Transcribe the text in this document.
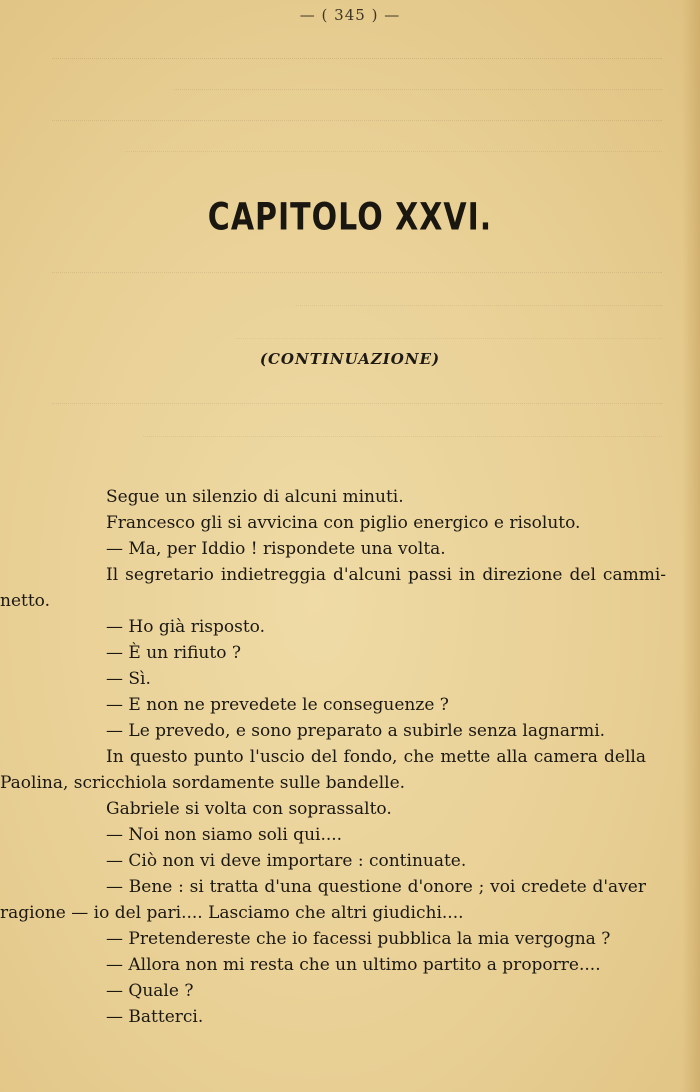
— ( 345 ) —
CAPITOLO XXVI.
(CONTINUAZIONE)

Segue un silenzio di alcuni minuti.

Francesco gli si avvicina con piglio energico e risoluto.

— Ma, per Iddio ! rispondete una volta.

Il segretario indietreggia d'alcuni passi in direzione del cammi-

netto.

— Ho già risposto.

— È un rifiuto ?

— Sì.

— E non ne prevedete le conseguenze ?

— Le prevedo, e sono preparato a subirle senza lagnarmi.

In questo punto l'uscio del fondo, che mette alla camera della

Paolina, scricchiola sordamente sulle bandelle.

Gabriele si volta con soprassalto.

— Noi non siamo soli qui....

— Ciò non vi deve importare : continuate.

— Bene : si tratta d'una questione d'onore ; voi credete d'aver

ragione — io del pari.... Lasciamo che altri giudichi....

— Pretendereste che io facessi pubblica la mia vergogna ?

— Allora non mi resta che un ultimo partito a proporre....

— Quale ?

— Batterci.
